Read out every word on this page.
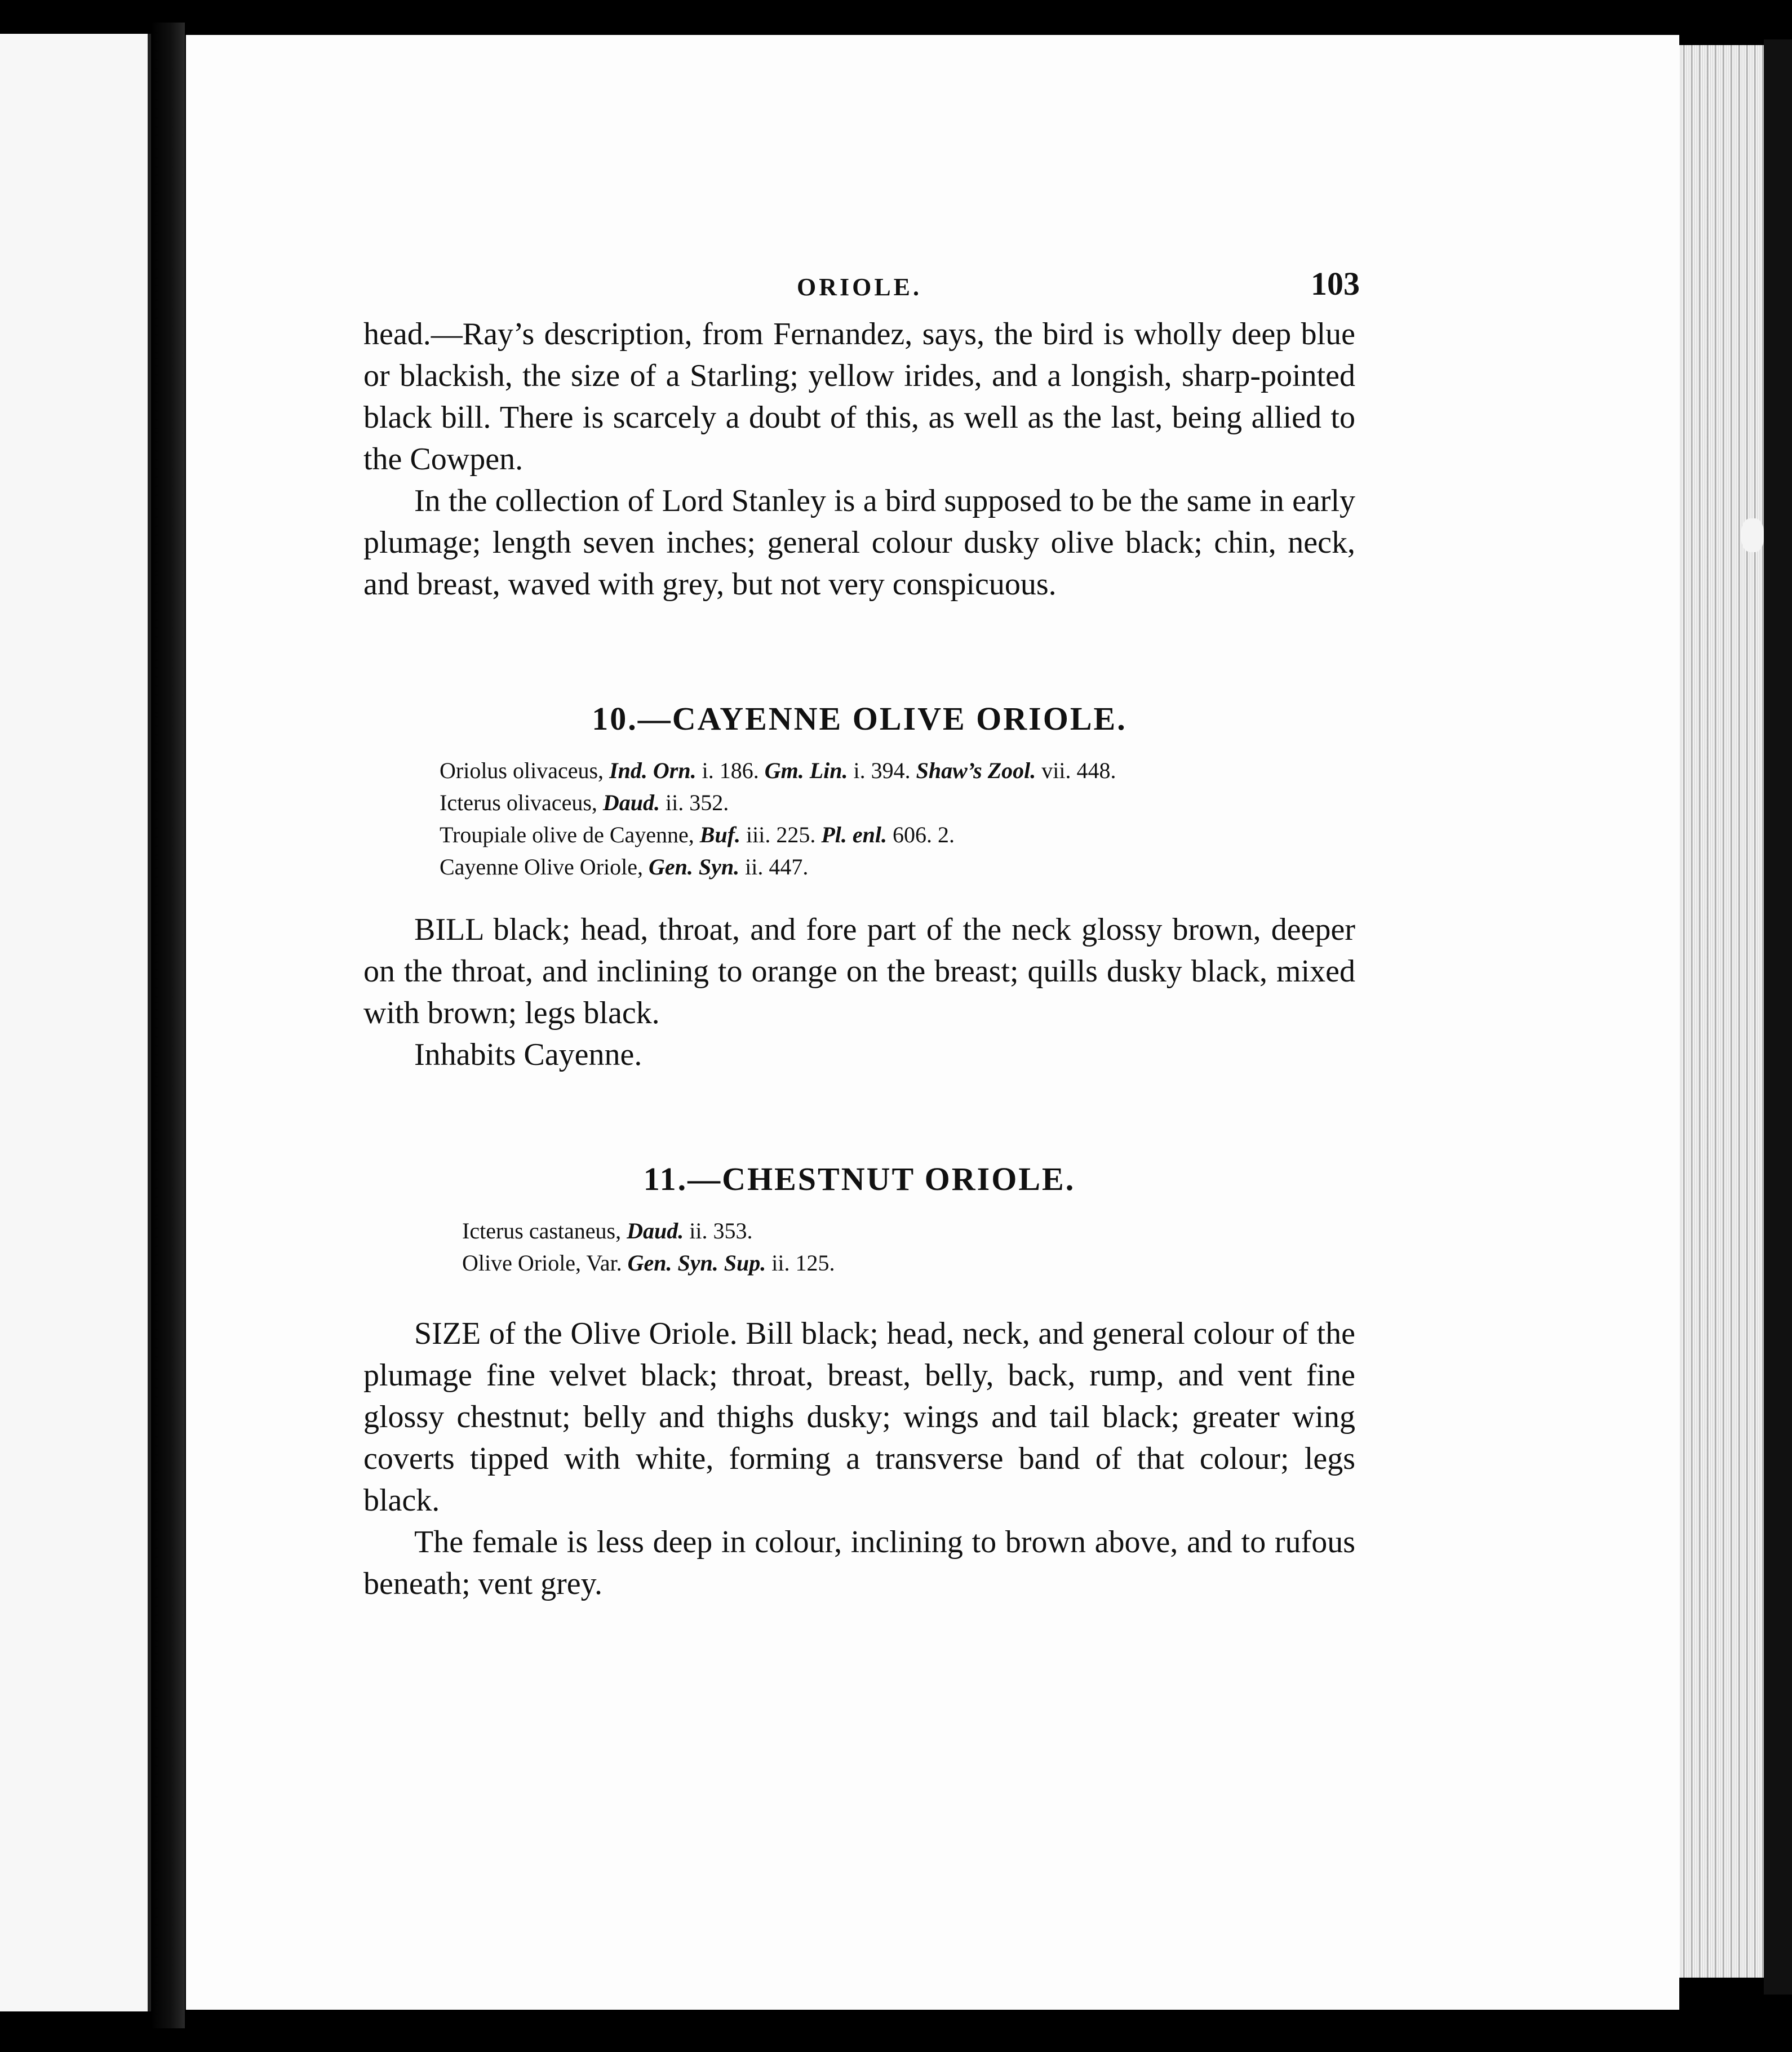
ORIOLE.	103

head.—Ray’s description, from Fernandez, says, the bird is wholly deep blue or blackish, the size of a Starling; yellow irides, and a longish, sharp-pointed black bill. There is scarcely a doubt of this, as well as the last, being allied to the Cowpen.

In the collection of Lord Stanley is a bird supposed to be the same in early plumage; length seven inches; general colour dusky olive black; chin, neck, and breast, waved with grey, but not very conspicuous.

10.—CAYENNE OLIVE ORIOLE.

Oriolus olivaceus, Ind. Orn. i. 186. Gm. Lin. i. 394. Shaw’s Zool. vii. 448.

Icterus olivaceus, Daud. ii. 352.

Troupiale olive de Cayenne, Buf. iii. 225. Pl. enl. 606. 2.

Cayenne Olive Oriole, Gen. Syn. ii. 447.

BILL black; head, throat, and fore part of the neck glossy brown, deeper on the throat, and inclining to orange on the breast; quills dusky black, mixed with brown; legs black.

Inhabits Cayenne.

11.—CHESTNUT ORIOLE.

Icterus castaneus, Daud. ii. 353.

Olive Oriole, Var. Gen. Syn. Sup. ii. 125.

SIZE of the Olive Oriole. Bill black; head, neck, and general colour of the plumage fine velvet black; throat, breast, belly, back, rump, and vent fine glossy chestnut; belly and thighs dusky; wings and tail black; greater wing coverts tipped with white, forming a transverse band of that colour; legs black.

The female is less deep in colour, inclining to brown above, and to rufous beneath; vent grey.
